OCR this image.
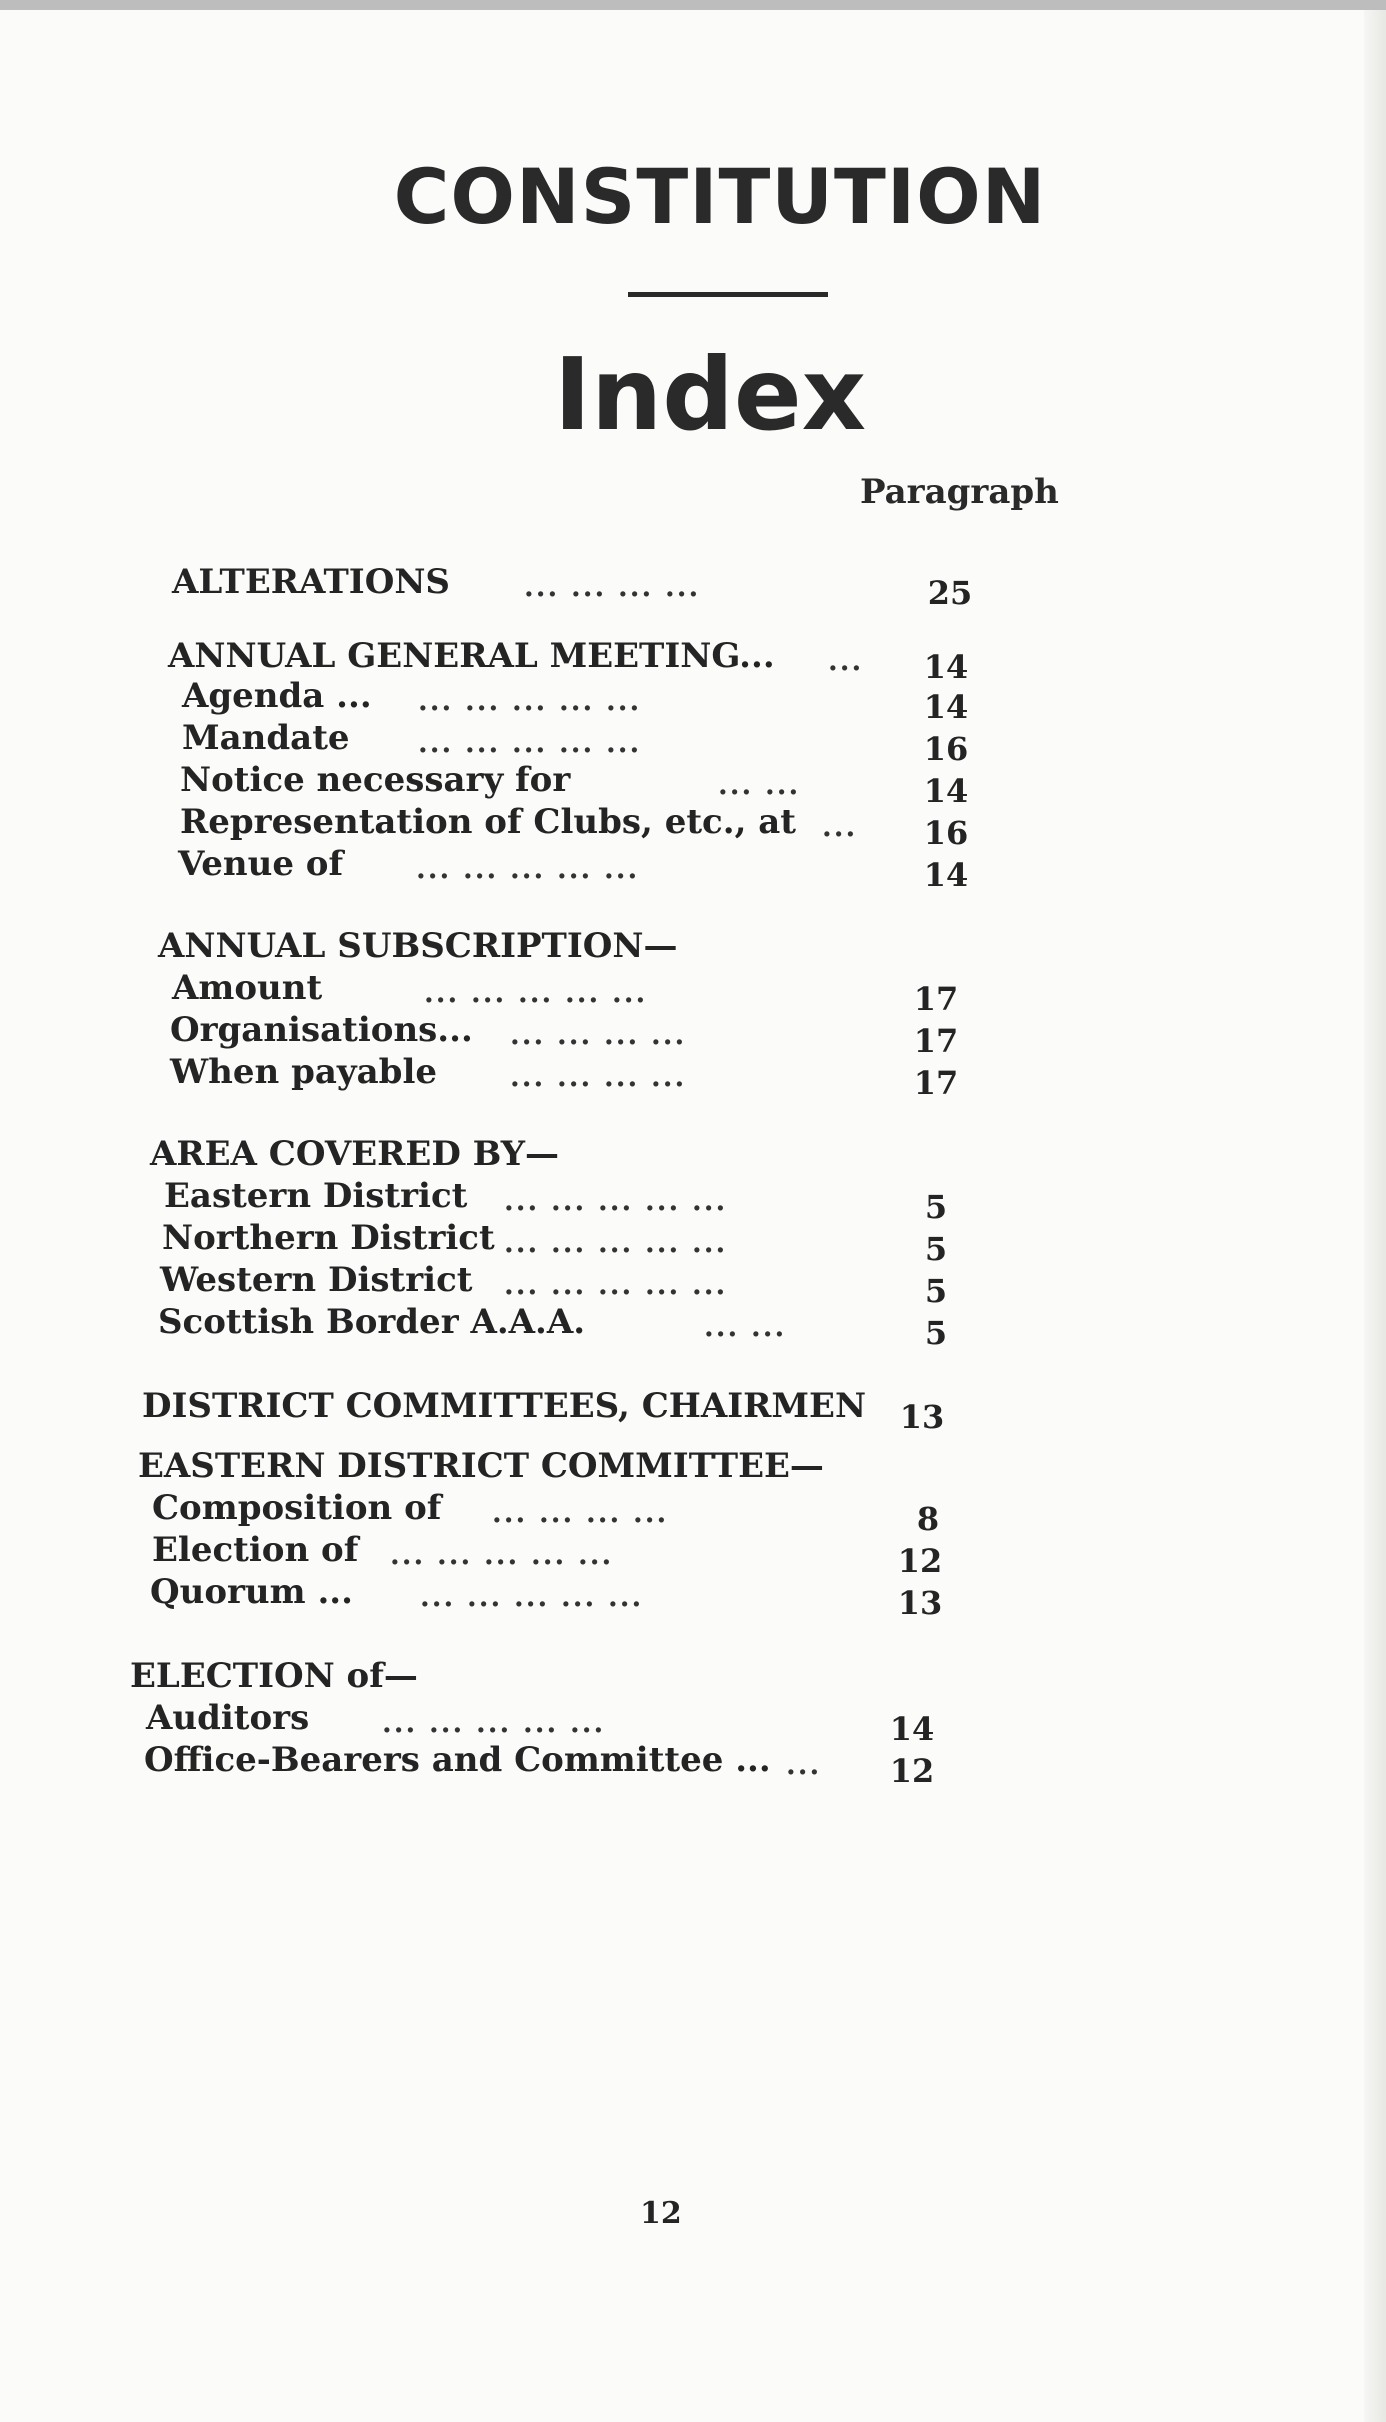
CONSTITUTION
Index
Paragraph
ALTERATIONS	... ... ... ...	25
ANNUAL GENERAL MEETING... ... 14
Agenda ... ... ... ... ... ...	14
Mandate ... ... ... ... ...	16
Notice necessary for	... ...	14
Representation of Clubs, etc., at ... 16
Venue of	... ... ... ... ...	14
ANNUAL SUBSCRIPTION—
Amount	... ... ... ... ...	17
Organisations... ... ... ... ...	17
When payable	... ... ... ...	17
AREA COVERED BY—
Eastern District ... ... ... ... ...	5
Northern District ... ... ... ... ...	5
Western District ... ... ... ... ...	5
Scottish Border A.A.A.	... ...	5
DISTRICT COMMITTEES, CHAIRMEN 13
EASTERN DISTRICT COMMITTEE—
Composition of ... ... ... ...	8
Election of ... ... ... ... ...	12
Quorum ... ... ... ... ... ...	13
ELECTION of—
Auditors	... ... ... ... ...	14
Office-Bearers and Committee ... ... 12
12
